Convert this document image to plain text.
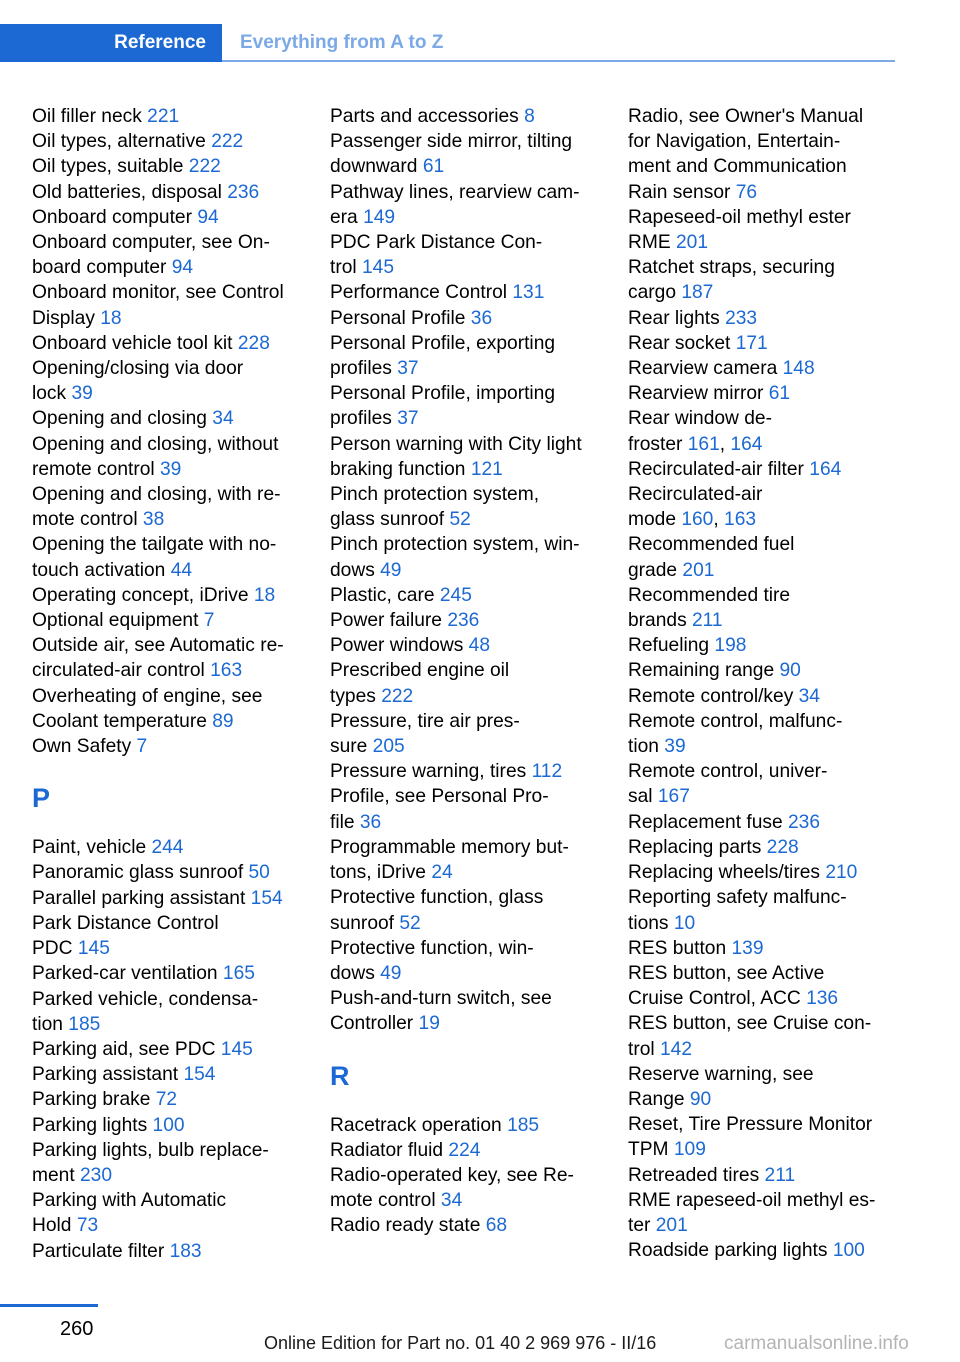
Reference	Everything from A to Z
Oil filler neck 221
Oil types, alternative 222
Oil types, suitable 222
Old batteries, disposal 236
Onboard computer 94
Onboard computer, see On-
board computer 94
Onboard monitor, see Control
Display 18
Onboard vehicle tool kit 228
Opening/closing via door
lock 39
Opening and closing 34
Opening and closing, without
remote control 39
Opening and closing, with re-
mote control 38
Opening the tailgate with no-
touch activation 44
Operating concept, iDrive 18
Optional equipment 7
Outside air, see Automatic re-
circulated-air control 163
Overheating of engine, see
Coolant temperature 89
Own Safety 7
P
Paint, vehicle 244
Panoramic glass sunroof 50
Parallel parking assistant 154
Park Distance Control
PDC 145
Parked-car ventilation 165
Parked vehicle, condensa-
tion 185
Parking aid, see PDC 145
Parking assistant 154
Parking brake 72
Parking lights 100
Parking lights, bulb replace-
ment 230
Parking with Automatic
Hold 73
Particulate filter 183
Parts and accessories 8
Passenger side mirror, tilting
downward 61
Pathway lines, rearview cam-
era 149
PDC Park Distance Con-
trol 145
Performance Control 131
Personal Profile 36
Personal Profile, exporting
profiles 37
Personal Profile, importing
profiles 37
Person warning with City light
braking function 121
Pinch protection system,
glass sunroof 52
Pinch protection system, win-
dows 49
Plastic, care 245
Power failure 236
Power windows 48
Prescribed engine oil
types 222
Pressure, tire air pres-
sure 205
Pressure warning, tires 112
Profile, see Personal Pro-
file 36
Programmable memory but-
tons, iDrive 24
Protective function, glass
sunroof 52
Protective function, win-
dows 49
Push-and-turn switch, see
Controller 19
R
Racetrack operation 185
Radiator fluid 224
Radio-operated key, see Re-
mote control 34
Radio ready state 68
Radio, see Owner's Manual
for Navigation, Entertain-
ment and Communication
Rain sensor 76
Rapeseed-oil methyl ester
RME 201
Ratchet straps, securing
cargo 187
Rear lights 233
Rear socket 171
Rearview camera 148
Rearview mirror 61
Rear window de-
froster 161, 164
Recirculated-air filter 164
Recirculated-air
mode 160, 163
Recommended fuel
grade 201
Recommended tire
brands 211
Refueling 198
Remaining range 90
Remote control/key 34
Remote control, malfunc-
tion 39
Remote control, univer-
sal 167
Replacement fuse 236
Replacing parts 228
Replacing wheels/tires 210
Reporting safety malfunc-
tions 10
RES button 139
RES button, see Active
Cruise Control, ACC 136
RES button, see Cruise con-
trol 142
Reserve warning, see
Range 90
Reset, Tire Pressure Monitor
TPM 109
Retreaded tires 211
RME rapeseed-oil methyl es-
ter 201
Roadside parking lights 100
260
Online Edition for Part no. 01 40 2 969 976 - II/16	carmanualsonline.info
